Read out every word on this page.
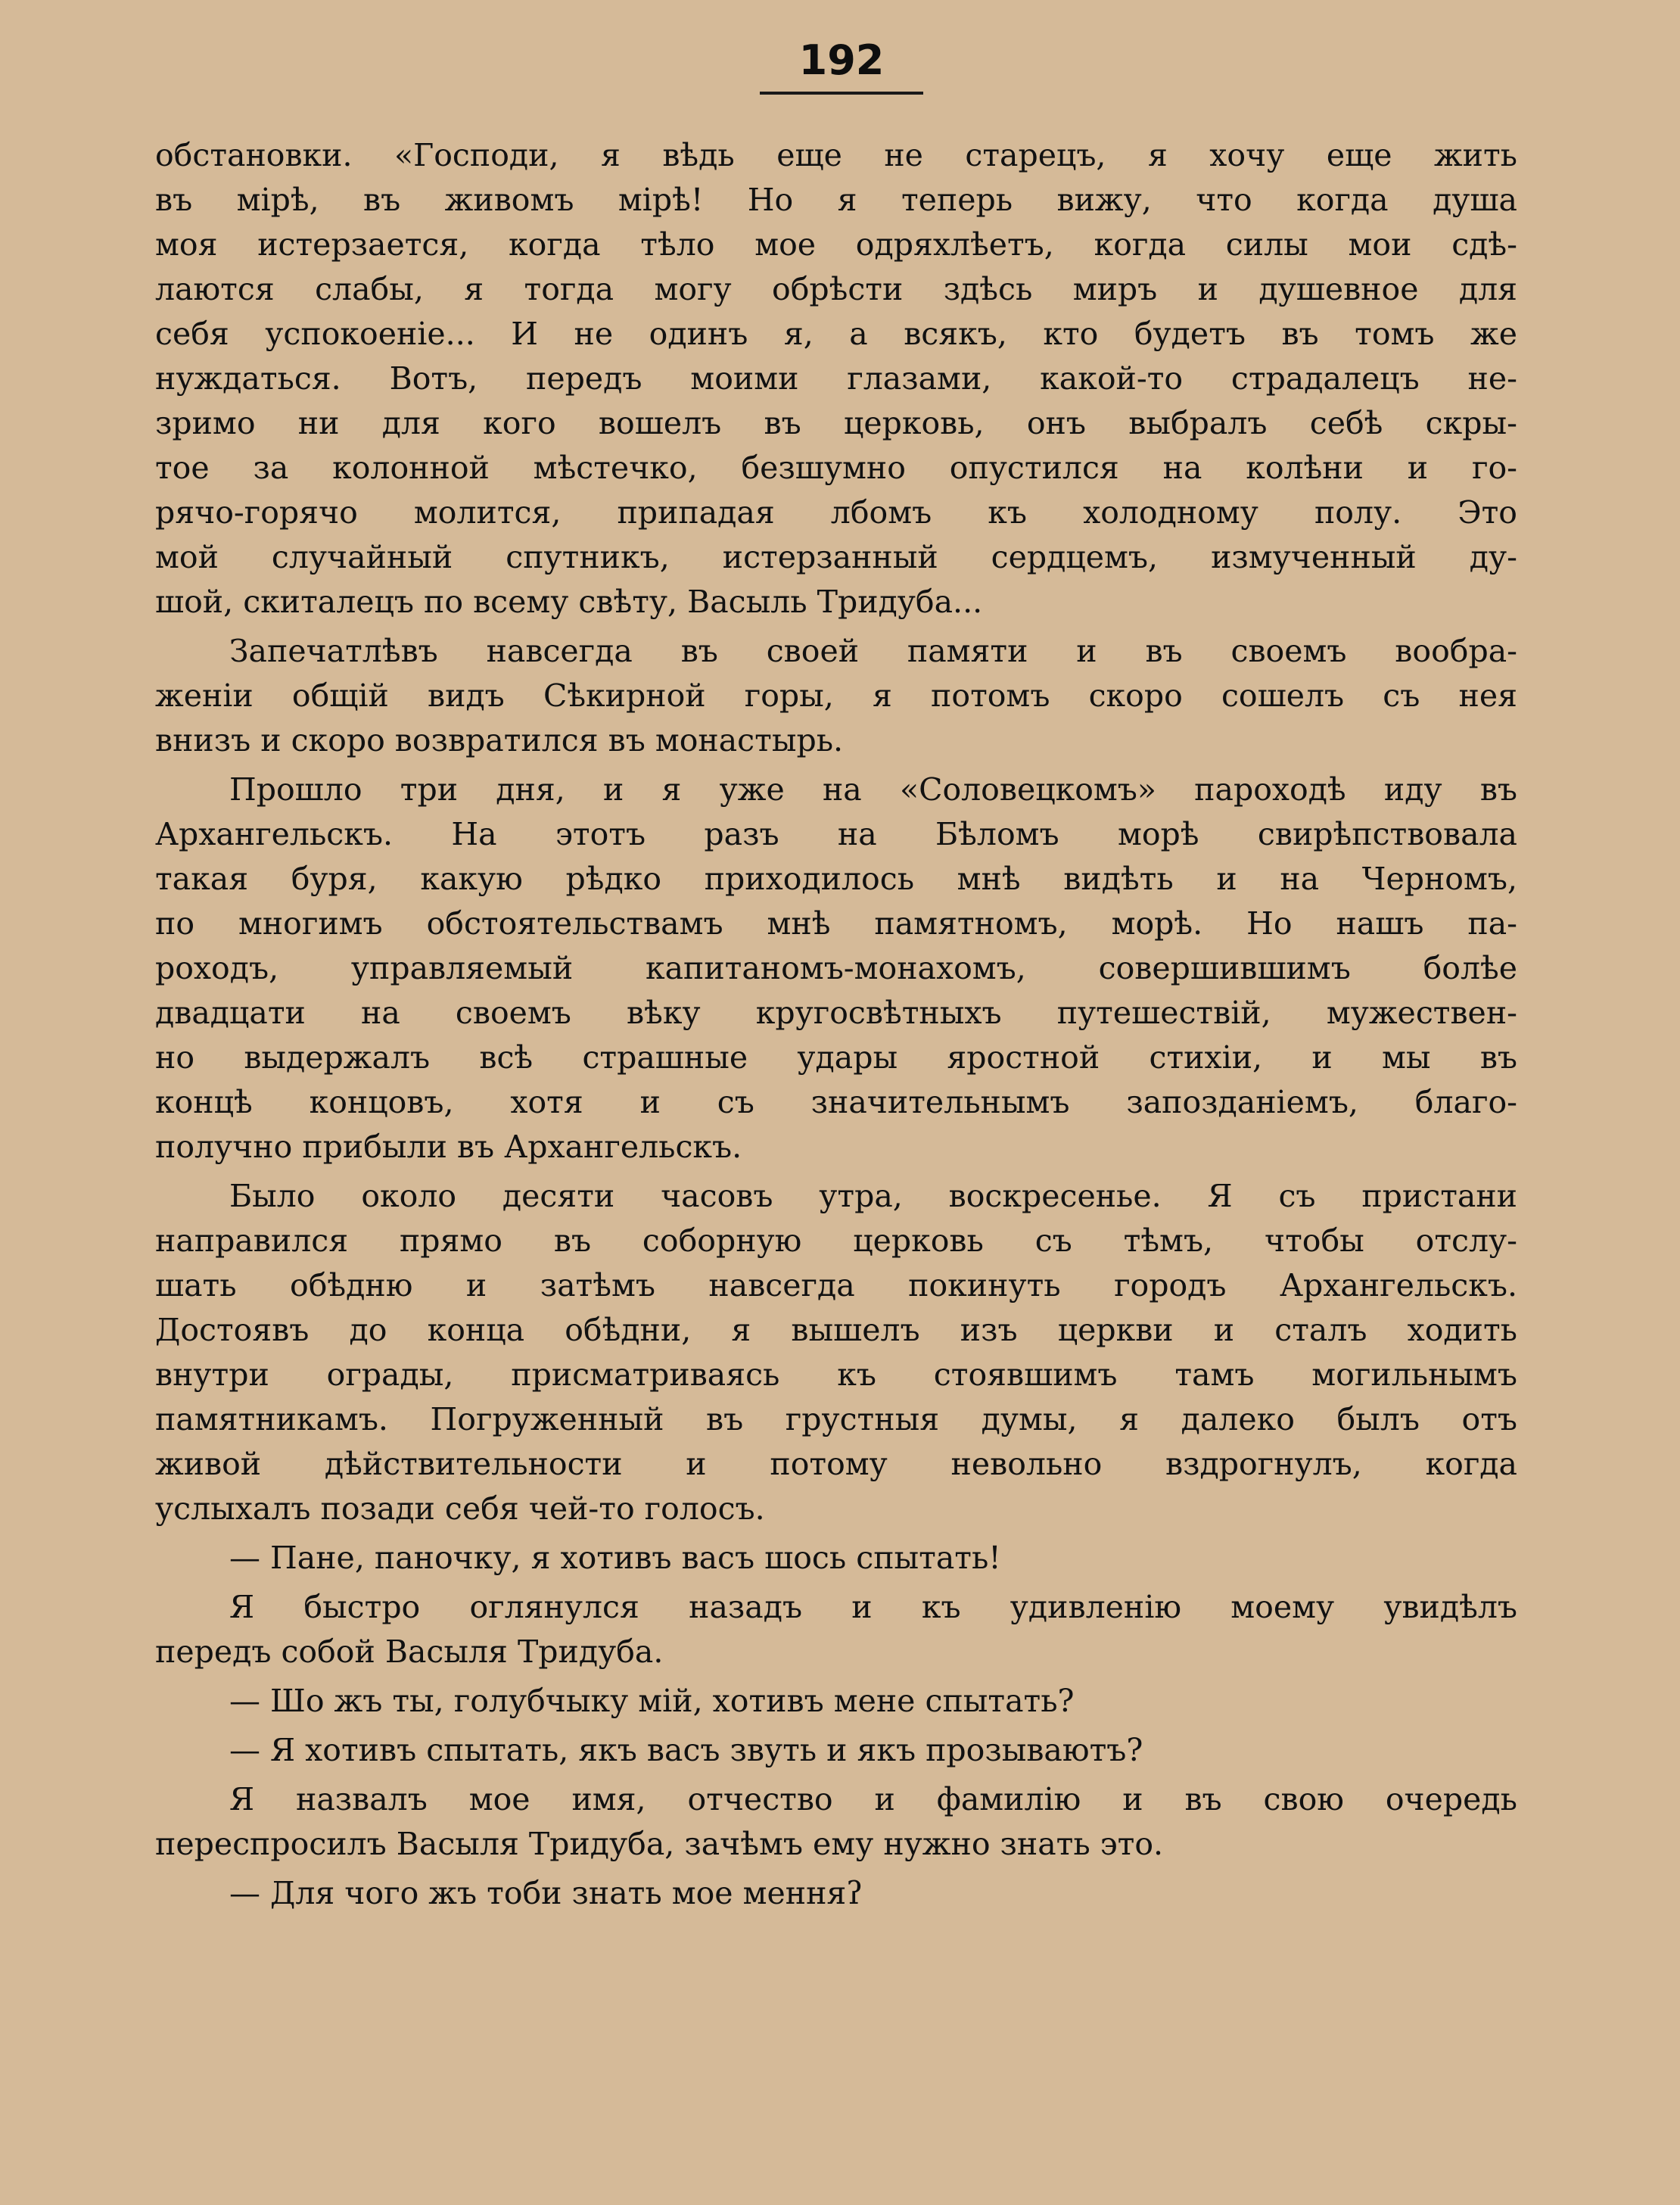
192
обстановки. «Господи, я вѣдь еще не старецъ, я хочу еще жить
въ мірѣ, въ живомъ мірѣ! Но я теперь вижу, что когда душа
моя истерзается, когда тѣло мое одряхлѣетъ, когда силы мои сдѣ-
лаются слабы, я тогда могу обрѣсти здѣсь миръ и душевное для
себя успокоеніе... И не одинъ я, а всякъ, кто будетъ въ томъ же
нуждаться. Вотъ, передъ моими глазами, какой-то страдалецъ не-
зримо ни для кого вошелъ въ церковь, онъ выбралъ себѣ скры-
тое за колонной мѣстечко, безшумно опустился на колѣни и го-
рячо-горячо молится, припадая лбомъ къ холодному полу. Это
мой случайный спутникъ, истерзанный сердцемъ, измученный ду-
шой, скиталецъ по всему свѣту, Васыль Тридуба...
Запечатлѣвъ навсегда въ своей памяти и въ своемъ вообра-
женіи общій видъ Сѣкирной горы, я потомъ скоро сошелъ съ нея
внизъ и скоро возвратился въ монастырь.
Прошло три дня, и я уже на «Соловецкомъ» пароходѣ иду въ
Архангельскъ. На этотъ разъ на Бѣломъ морѣ свирѣпствовала
такая буря, какую рѣдко приходилось мнѣ видѣть и на Черномъ,
по многимъ обстоятельствамъ мнѣ памятномъ, морѣ. Но нашъ па-
роходъ, управляемый капитаномъ-монахомъ, совершившимъ болѣе
двадцати на своемъ вѣку кругосвѣтныхъ путешествій, мужествен-
но выдержалъ всѣ страшные удары яростной стихіи, и мы въ
концѣ концовъ, хотя и съ значительнымъ запозданіемъ, благо-
получно прибыли въ Архангельскъ.
Было около десяти часовъ утра, воскресенье. Я съ пристани
направился прямо въ соборную церковь съ тѣмъ, чтобы отслу-
шать обѣдню и затѣмъ навсегда покинуть городъ Архангельскъ.
Достоявъ до конца обѣдни, я вышелъ изъ церкви и сталъ ходить
внутри ограды, присматриваясь къ стоявшимъ тамъ могильнымъ
памятникамъ. Погруженный въ грустныя думы, я далеко былъ отъ
живой дѣйствительности и потому невольно вздрогнулъ, когда
услыхалъ позади себя чей-то голосъ.
— Пане, паночку, я хотивъ васъ шось спытать!
Я быстро оглянулся назадъ и къ удивленію моему увидѣлъ
передъ собой Васыля Тридуба.
— Шо жъ ты, голубчыку мій, хотивъ мене спытать?
— Я хотивъ спытать, якъ васъ звуть и якъ прозываютъ?
Я назвалъ мое имя, отчество и фамилію и въ свою очередь
переспросилъ Васыля Тридуба, зачѣмъ ему нужно знать это.
— Для чого жъ тоби знать мое менняʔ
